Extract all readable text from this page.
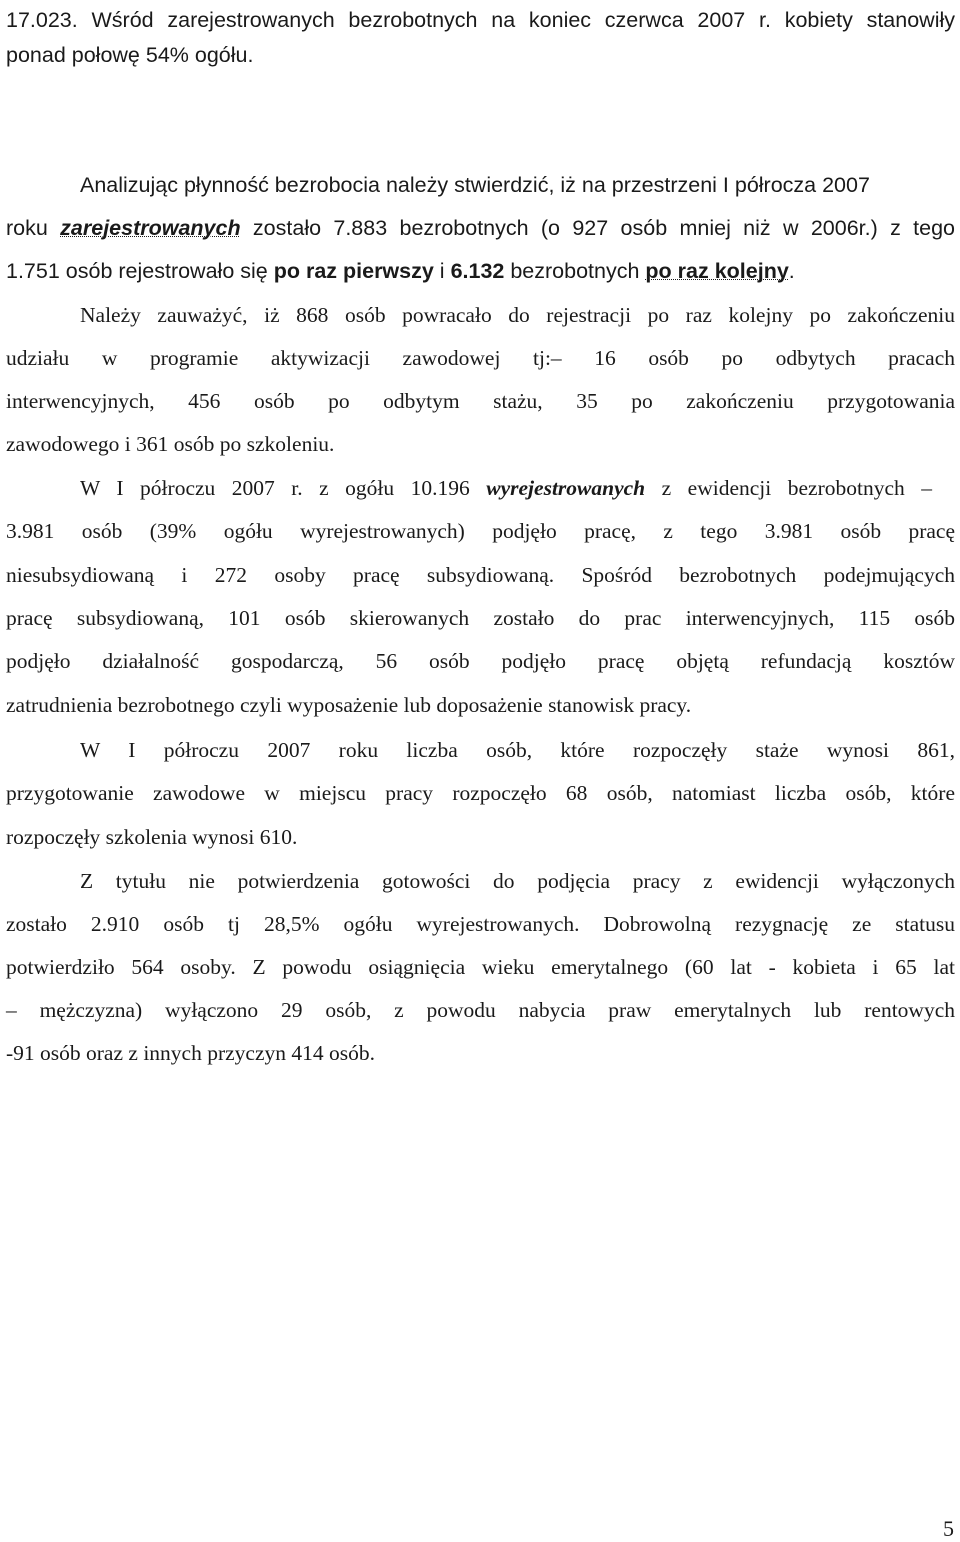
17.023. Wśród zarejestrowanych bezrobotnych na koniec czerwca 2007 r. kobiety stanowiły
ponad połowę 54% ogółu.
Analizując płynność bezrobocia należy stwierdzić, iż na przestrzeni I półrocza 2007
roku zarejestrowanych zostało 7.883 bezrobotnych (o 927 osób mniej niż w 2006r.) z tego
1.751 osób rejestrowało się po raz pierwszy i 6.132 bezrobotnych po raz kolejny.
Należy zauważyć, iż 868 osób powracało do rejestracji po raz kolejny po zakończeniu
udziału w programie aktywizacji zawodowej tj:– 16 osób po odbytych pracach
interwencyjnych, 456 osób po odbytym stażu, 35 po zakończeniu przygotowania
zawodowego i 361 osób po szkoleniu.
W I półroczu 2007 r. z ogółu 10.196 wyrejestrowanych z ewidencji bezrobotnych –
3.981 osób (39% ogółu wyrejestrowanych) podjęło pracę, z tego 3.981 osób pracę
niesubsydiowaną i 272 osoby pracę subsydiowaną. Spośród bezrobotnych podejmujących
pracę subsydiowaną, 101 osób skierowanych zostało do prac interwencyjnych, 115 osób
podjęło działalność gospodarczą, 56 osób podjęło pracę objętą refundacją kosztów
zatrudnienia bezrobotnego czyli wyposażenie lub doposażenie stanowisk pracy.
W I półroczu 2007 roku liczba osób, które rozpoczęły staże wynosi 861,
przygotowanie zawodowe w miejscu pracy rozpoczęło 68 osób, natomiast liczba osób, które
rozpoczęły szkolenia wynosi 610.
Z tytułu nie potwierdzenia gotowości do podjęcia pracy z ewidencji wyłączonych
zostało 2.910 osób tj 28,5% ogółu wyrejestrowanych. Dobrowolną rezygnację ze statusu
potwierdziło 564 osoby. Z powodu osiągnięcia wieku emerytalnego (60 lat - kobieta i 65 lat
– mężczyzna) wyłączono 29 osób, z powodu nabycia praw emerytalnych lub rentowych
-91 osób oraz z innych przyczyn 414 osób.
5
